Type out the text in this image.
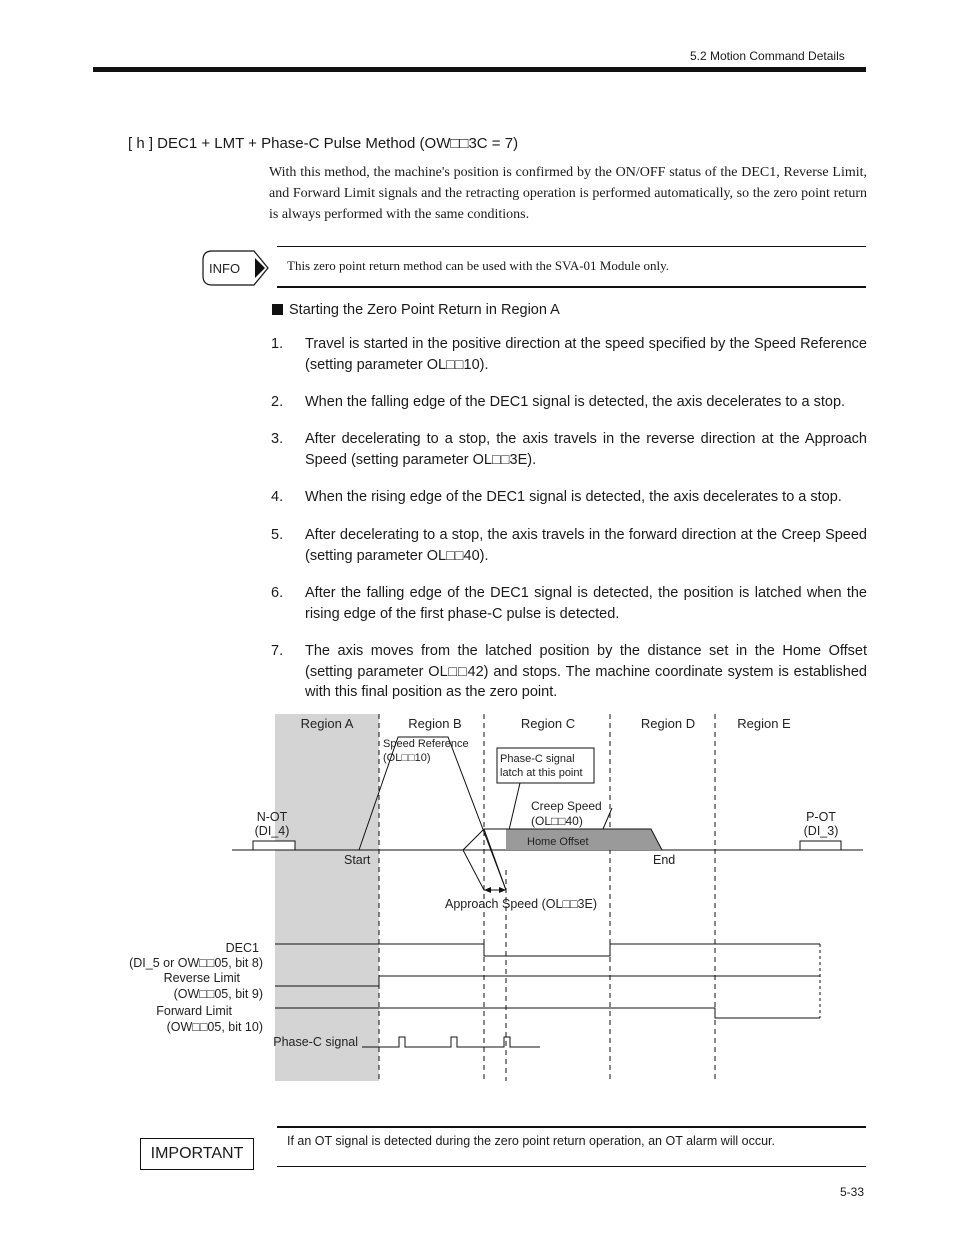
5.2 Motion Command Details
[ h ] DEC1 + LMT + Phase-C Pulse Method (OW□□3C = 7)
With this method, the machine's position is confirmed by the ON/OFF status of the DEC1, Reverse Limit, and Forward Limit signals and the retracting operation is performed automatically, so the zero point return is always performed with the same conditions.
INFO	This zero point return method can be used with the SVA-01 Module only.
Starting the Zero Point Return in Region A
1. Travel is started in the positive direction at the speed specified by the Speed Reference (setting parameter OL□□10).
2. When the falling edge of the DEC1 signal is detected, the axis decelerates to a stop.
3. After decelerating to a stop, the axis travels in the reverse direction at the Approach Speed (setting parameter OL□□3E).
4. When the rising edge of the DEC1 signal is detected, the axis decelerates to a stop.
5. After decelerating to a stop, the axis travels in the forward direction at the Creep Speed (setting parameter OL□□40).
6. After the falling edge of the DEC1 signal is detected, the position is latched when the rising edge of the first phase-C pulse is detected.
7. The axis moves from the latched position by the distance set in the Home Offset (setting parameter OL□□42) and stops. The machine coordinate system is established with this final position as the zero point.
Region A	Region B	Region C	Region D	Region E
Speed Reference
(OL□□10)	Phase-C signal
latch at this point
Creep Speed
(OL□□40)
Home Offset
N-OT
(DI_4)
P-OT
(DI_3)
Start	End
Approach Speed (OL□□3E)
DEC1
(DI_5 or OW□□05, bit 8)
Reverse Limit
(OW□□05, bit 9)
Forward Limit
(OW□□05, bit 10)
Phase-C signal
IMPORTANT
If an OT signal is detected during the zero point return operation, an OT alarm will occur.
5-33
